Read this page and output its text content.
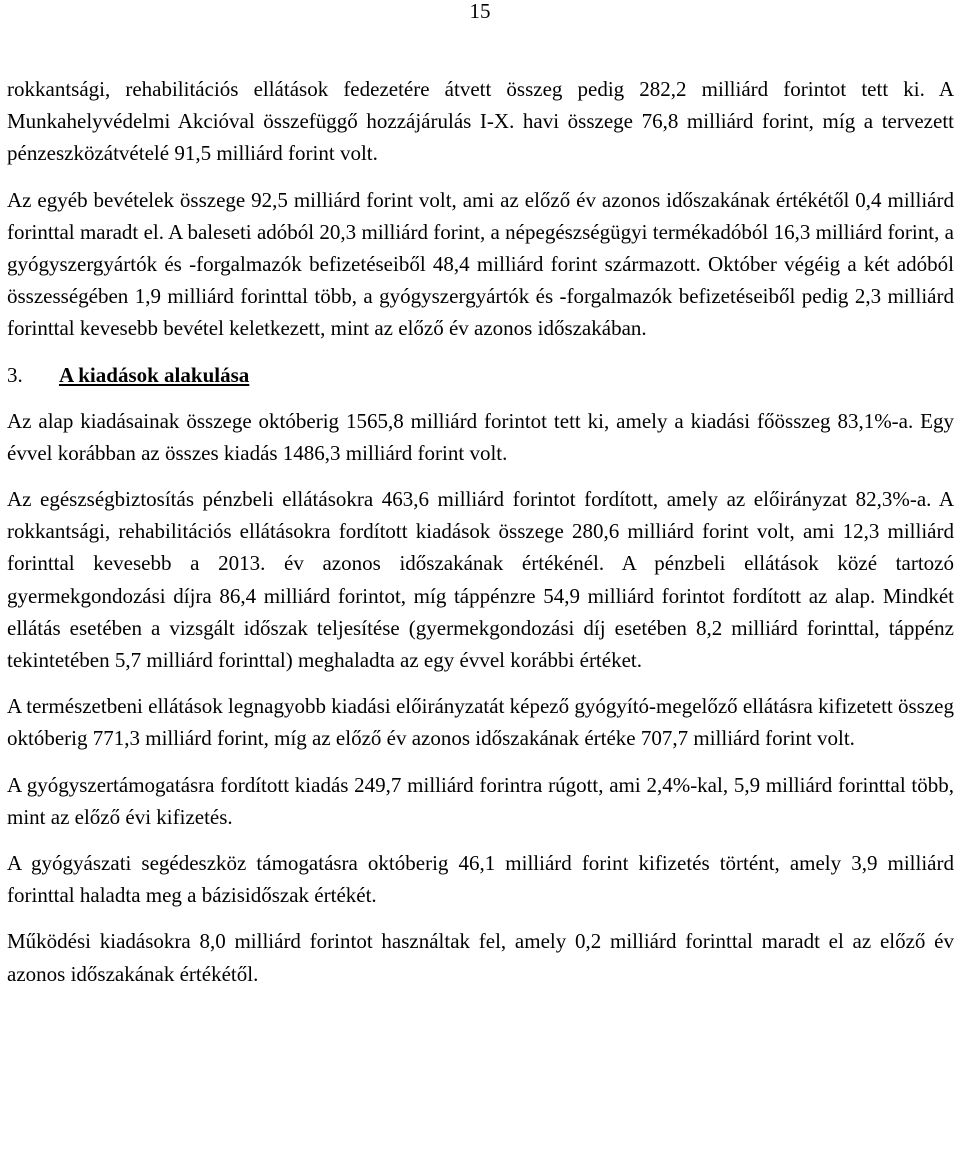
15

rokkantsági, rehabilitációs ellátások fedezetére átvett összeg pedig 282,2 milliárd forintot tett ki. A Munkahelyvédelmi Akcióval összefüggő hozzájárulás I-X. havi összege 76,8 milliárd forint, míg a tervezett pénzeszközátvételé 91,5 milliárd forint volt.

Az egyéb bevételek összege 92,5 milliárd forint volt, ami az előző év azonos időszakának értékétől 0,4 milliárd forinttal maradt el. A baleseti adóból 20,3 milliárd forint, a népegészségügyi termékadóból 16,3 milliárd forint, a gyógyszergyártók és -forgalmazók befizetéseiből 48,4 milliárd forint származott. Október végéig a két adóból összességében 1,9 milliárd forinttal több, a gyógyszergyártók és -forgalmazók befizetéseiből pedig 2,3 milliárd forinttal kevesebb bevétel keletkezett, mint az előző év azonos időszakában.

3. A kiadások alakulása

Az alap kiadásainak összege októberig 1565,8 milliárd forintot tett ki, amely a kiadási főösszeg 83,1%-a. Egy évvel korábban az összes kiadás 1486,3 milliárd forint volt.

Az egészségbiztosítás pénzbeli ellátásokra 463,6 milliárd forintot fordított, amely az előirányzat 82,3%-a. A rokkantsági, rehabilitációs ellátásokra fordított kiadások összege 280,6 milliárd forint volt, ami 12,3 milliárd forinttal kevesebb a 2013. év azonos időszakának értékénél. A pénzbeli ellátások közé tartozó gyermekgondozási díjra 86,4 milliárd forintot, míg táppénzre 54,9 milliárd forintot fordított az alap. Mindkét ellátás esetében a vizsgált időszak teljesítése (gyermekgondozási díj esetében 8,2 milliárd forinttal, táppénz tekintetében 5,7 milliárd forinttal) meghaladta az egy évvel korábbi értéket.

A természetbeni ellátások legnagyobb kiadási előirányzatát képező gyógyító-megelőző ellátásra kifizetett összeg októberig 771,3 milliárd forint, míg az előző év azonos időszakának értéke 707,7 milliárd forint volt.

A gyógyszertámogatásra fordított kiadás 249,7 milliárd forintra rúgott, ami 2,4%-kal, 5,9 milliárd forinttal több, mint az előző évi kifizetés.

A gyógyászati segédeszköz támogatásra októberig 46,1 milliárd forint kifizetés történt, amely 3,9 milliárd forinttal haladta meg a bázisidőszak értékét.

Működési kiadásokra 8,0 milliárd forintot használtak fel, amely 0,2 milliárd forinttal maradt el az előző év azonos időszakának értékétől.
